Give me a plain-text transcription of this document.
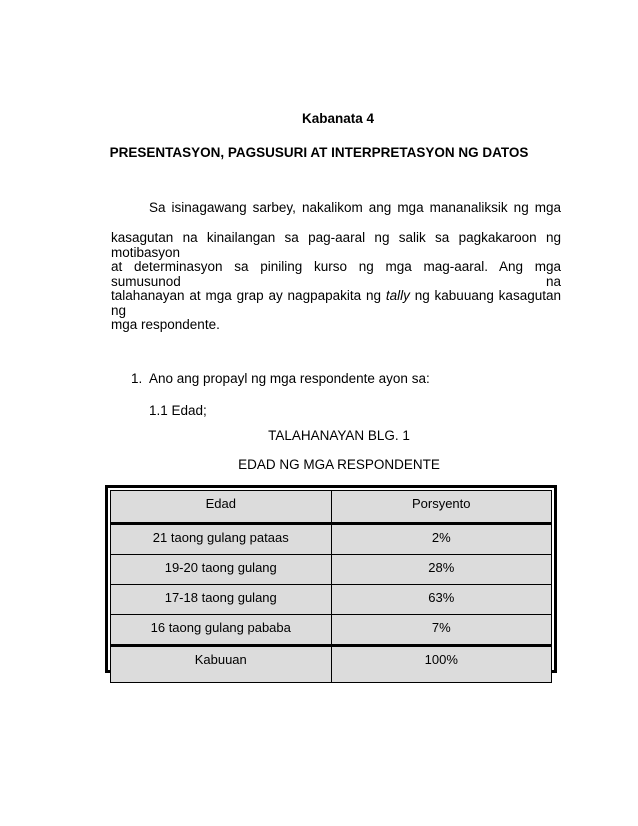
Kabanata 4
PRESENTASYON, PAGSUSURI AT INTERPRETASYON NG DATOS
Sa isinagawang sarbey, nakalikom ang mga mananaliksik ng mga
kasagutan na kinailangan sa pag-aaral ng salik sa pagkakaroon ng motibasyon
at determinasyon sa piniling kurso ng mga mag-aaral. Ang mga sumusunod na
talahanayan at mga grap ay nagpapakita ng tally ng kabuuang kasagutan ng
mga respondente.
1. Ano ang propayl ng mga respondente ayon sa:
1.1 Edad;
TALAHANAYAN BLG. 1
EDAD NG MGA RESPONDENTE
Edad	Porsyento
21 taong gulang pataas	2%
19-20 taong gulang	28%
17-18 taong gulang	63%
16 taong gulang pababa	7%
Kabuuan	100%
